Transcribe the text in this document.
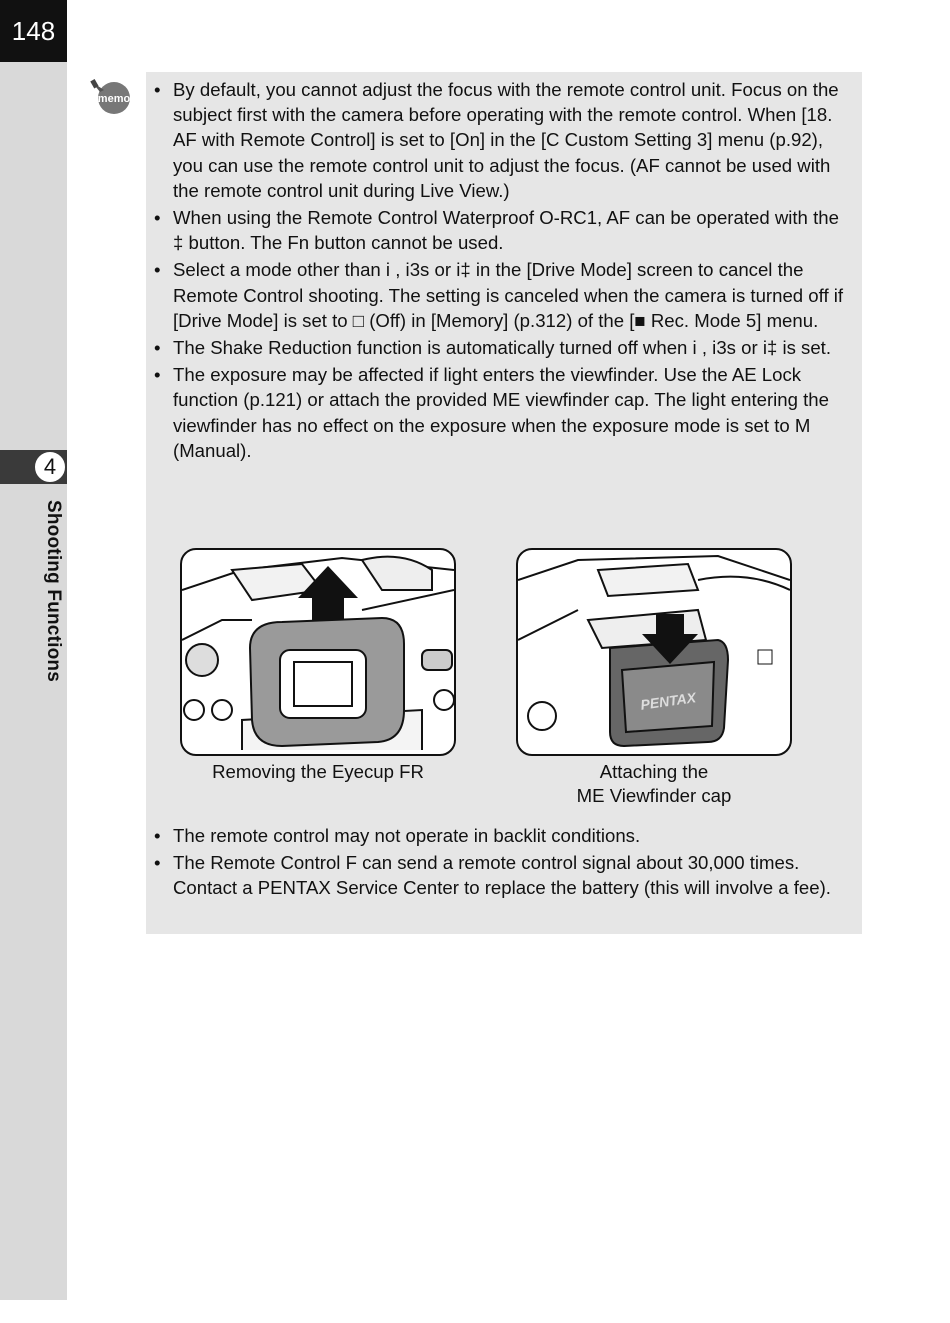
148
4
Shooting Functions
memo
•	By default, you cannot adjust the focus with the remote control unit. Focus on the subject first with the camera before operating with the remote control. When [18. AF with Remote Control] is set to [On] in the [C Custom Setting 3] menu (p.92), you can use the remote control unit to adjust the focus. (AF cannot be used with the remote control unit during Live View.)
• When using the Remote Control Waterproof O-RC1, AF can be operated with the ‡ button. The Fn button cannot be used.
• Select a mode other than i , i3s or i‡ in the [Drive Mode] screen to cancel the Remote Control shooting. The setting is canceled when the camera is turned off if [Drive Mode] is set to □ (Off) in [Memory] (p.312) of the [■ Rec. Mode 5] menu.
• The Shake Reduction function is automatically turned off when i , i3s or i‡ is set.
• The exposure may be affected if light enters the viewfinder. Use the AE Lock function (p.121) or attach the provided ME viewfinder cap. The light entering the viewfinder has no effect on the exposure when the exposure mode is set to M (Manual).
PENTAX
Removing the Eyecup FR	Attaching the
ME Viewfinder cap
• The remote control may not operate in backlit conditions.
• The Remote Control F can send a remote control signal about 30,000 times. Contact a PENTAX Service Center to replace the battery (this will involve a fee).
